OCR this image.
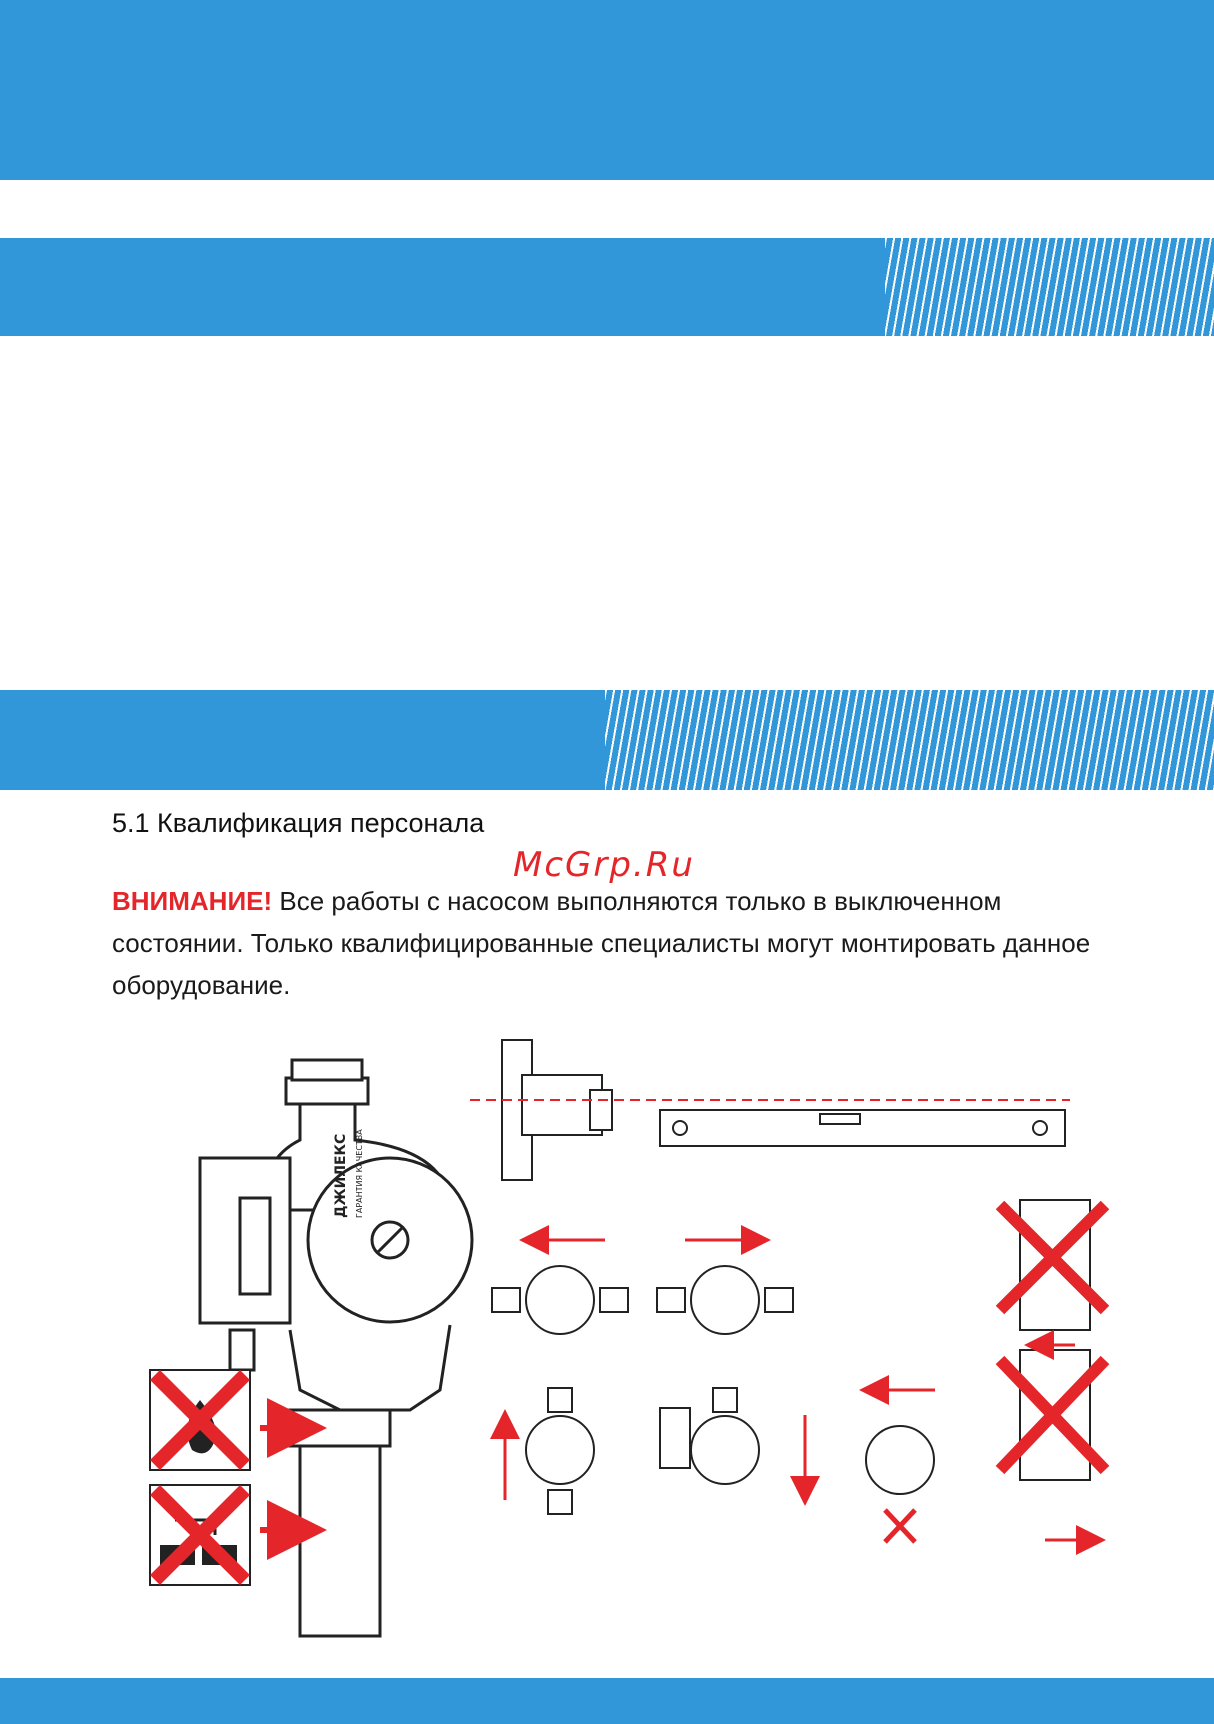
5.1 Квалификация персонала
McGrp.Ru

ВНИМАНИЕ! Все работы с насосом выполняются только в выключенном состоянии. Только квалифицированные специалисты могут монтировать данное оборудование.

ДЖИЛЕКС ГАРАНТИЯ КАЧЕСТВА
